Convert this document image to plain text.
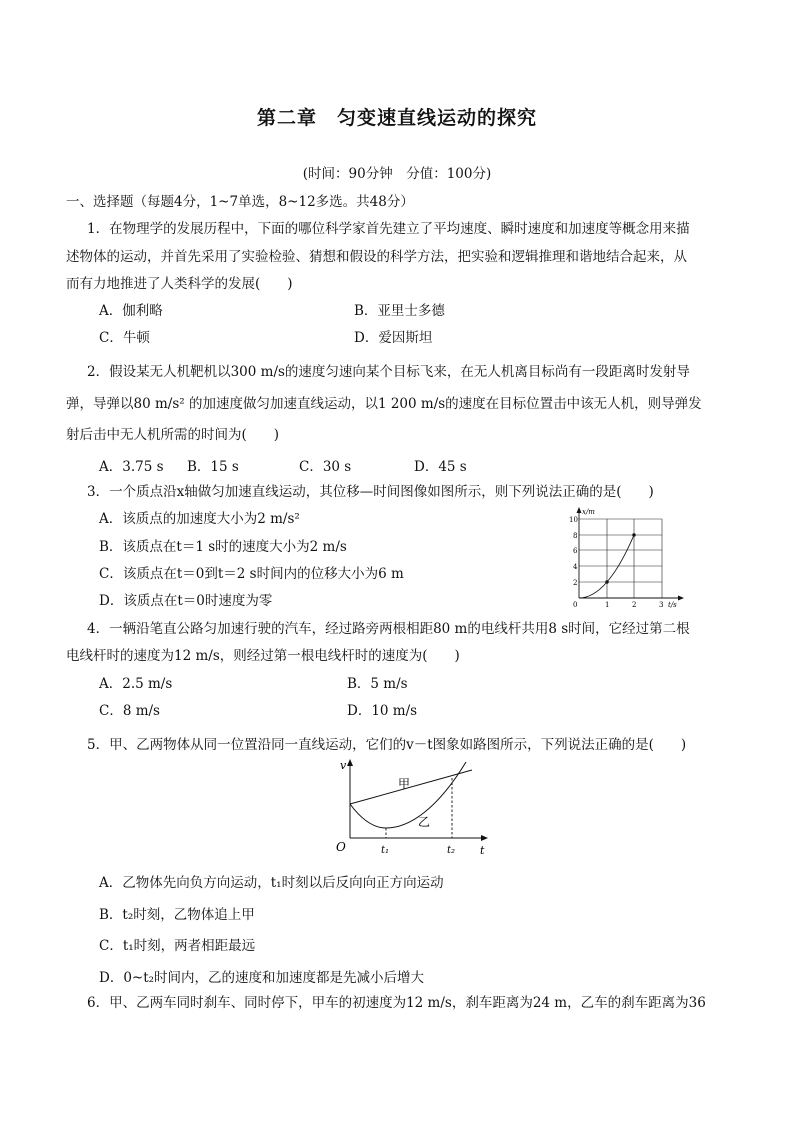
第二章　匀变速直线运动的探究
(时间：90分钟　分值：100分)
一、选择题（每题4分，1~7单选，8~12多选。共48分）
1．在物理学的发展历程中，下面的哪位科学家首先建立了平均速度、瞬时速度和加速度等概念用来描
述物体的运动，并首先采用了实验检验、猜想和假设的科学方法，把实验和逻辑推理和谐地结合起来，从
而有力地推进了人类科学的发展(　　)
A．伽利略	B．亚里士多德
C．牛顿	D．爱因斯坦
2．假设某无人机靶机以300 m/s的速度匀速向某个目标飞来，在无人机离目标尚有一段距离时发射导
弹，导弹以80 m/s² 的加速度做匀加速直线运动，以1 200 m/s的速度在目标位置击中该无人机，则导弹发
射后击中无人机所需的时间为(　　)
A．3.75 s B．15 s	C．30 s	D．45 s
3．一个质点沿x轴做匀加速直线运动，其位移—时间图像如图所示，则下列说法正确的是(　　)
A．该质点的加速度大小为2 m/s²
B．该质点在t＝1 s时的速度大小为2 m/s
C．该质点在t＝0到t＝2 s时间内的位移大小为6 m
D．该质点在t＝0时速度为零
x/m
t/s
0
2
4
6
8
10
1	2	3
4．一辆沿笔直公路匀加速行驶的汽车，经过路旁两根相距80 m的电线杆共用8 s时间，它经过第二根
电线杆时的速度为12 m/s，则经过第一根电线杆时的速度为(　　)
A．2.5 m/s	B．5 m/s
C．8 m/s	D．10 m/s
5．甲、乙两物体从同一位置沿同一直线运动，它们的v－t图象如路图所示，下列说法正确的是(　　)
v
t
O
甲
乙
t₁	t₂
A．乙物体先向负方向运动，t₁时刻以后反向向正方向运动
B．t₂时刻，乙物体追上甲
C．t₁时刻，两者相距最远
D．0~t₂时间内，乙的速度和加速度都是先减小后增大
6．甲、乙两车同时刹车、同时停下，甲车的初速度为12 m/s，刹车距离为24 m，乙车的刹车距离为36
